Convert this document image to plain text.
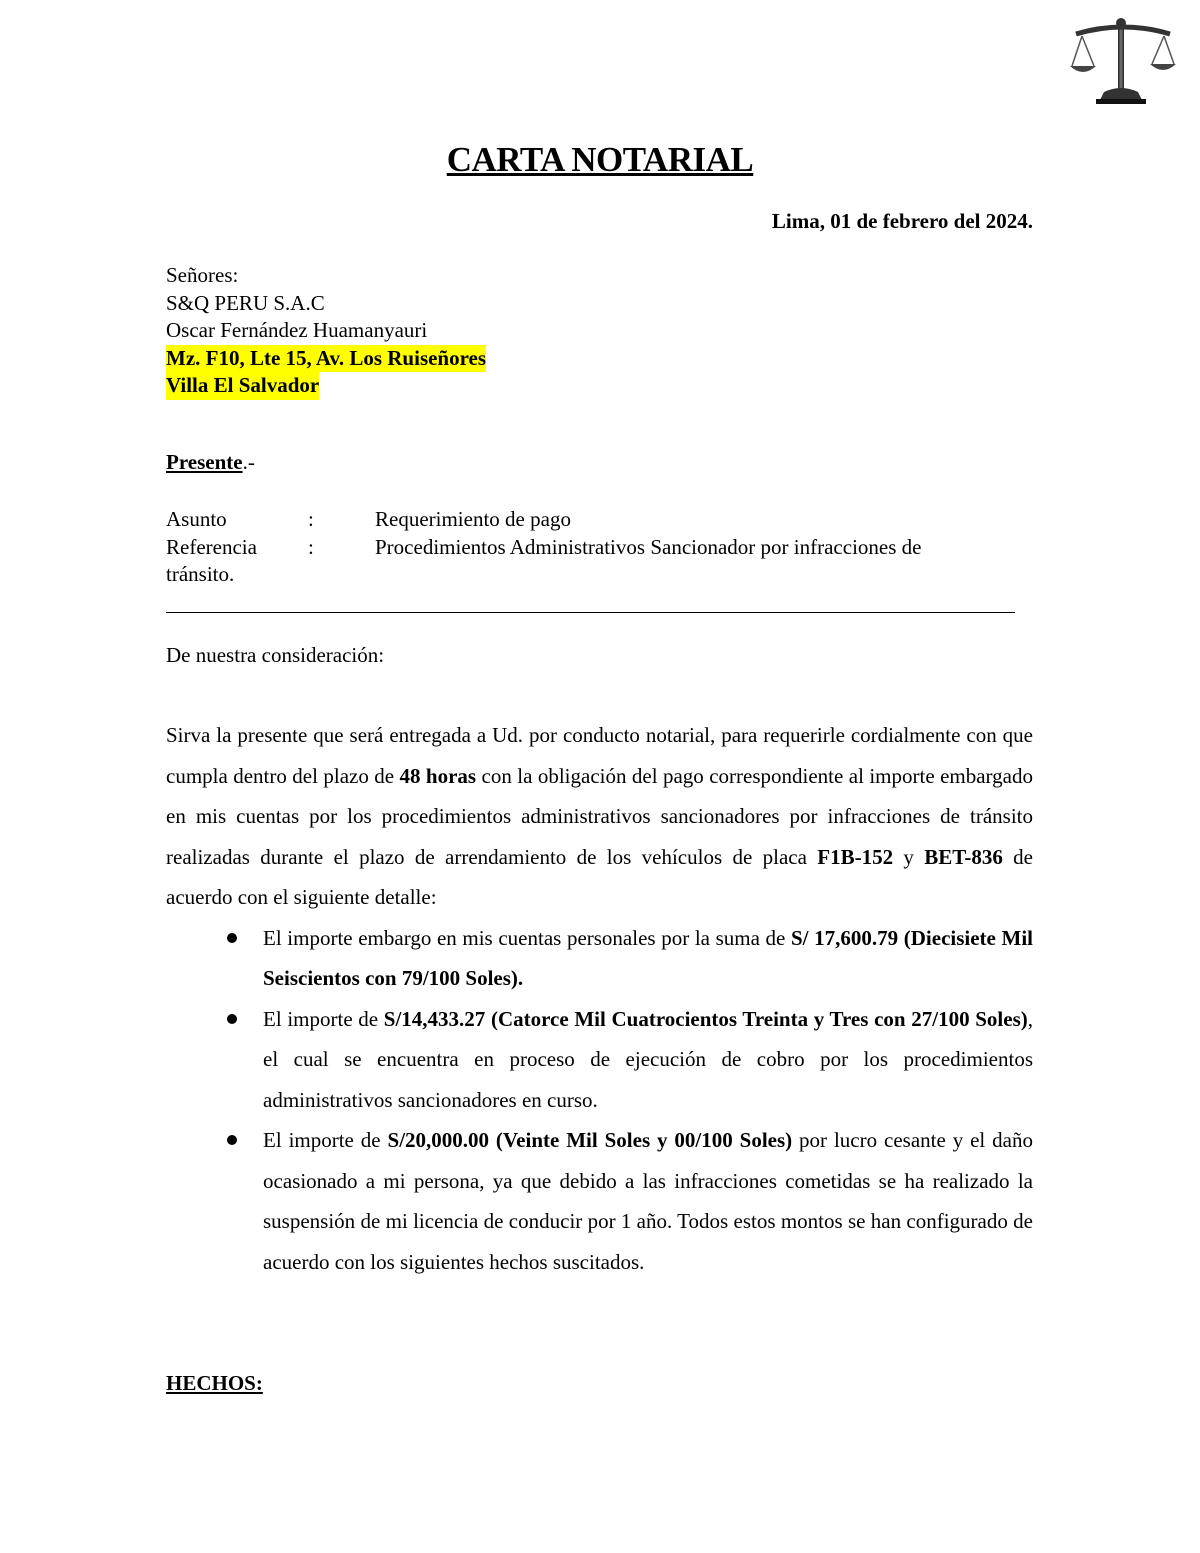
CARTA NOTARIAL
Lima, 01 de febrero del 2024.
Señores:
S&Q PERU S.A.C
Oscar Fernández Huamanyauri
Mz. F10, Lte 15, Av. Los Ruiseñores
Villa El Salvador
Presente.-
Asunto	:	Requerimiento de pago
Referencia :	Procedimientos Administrativos Sancionador por infracciones de
tránsito.
De nuestra consideración:

Sirva la presente que será entregada a Ud. por conducto notarial, para requerirle cordialmente con que cumpla dentro del plazo de 48 horas con la obligación del pago correspondiente al importe embargado en mis cuentas por los procedimientos administrativos sancionadores por infracciones de tránsito realizadas durante el plazo de arrendamiento de los vehículos de placa F1B-152 y BET-836 de acuerdo con el siguiente detalle:

El importe embargo en mis cuentas personales por la suma de S/ 17,600.79 (Diecisiete Mil Seiscientos con 79/100 Soles).
El importe de S/14,433.27 (Catorce Mil Cuatrocientos Treinta y Tres con 27/100 Soles), el cual se encuentra en proceso de ejecución de cobro por los procedimientos administrativos sancionadores en curso.
El importe de S/20,000.00 (Veinte Mil Soles y 00/100 Soles) por lucro cesante y el daño ocasionado a mi persona, ya que debido a las infracciones cometidas se ha realizado la suspensión de mi licencia de conducir por 1 año. Todos estos montos se han configurado de acuerdo con los siguientes hechos suscitados.
HECHOS:
